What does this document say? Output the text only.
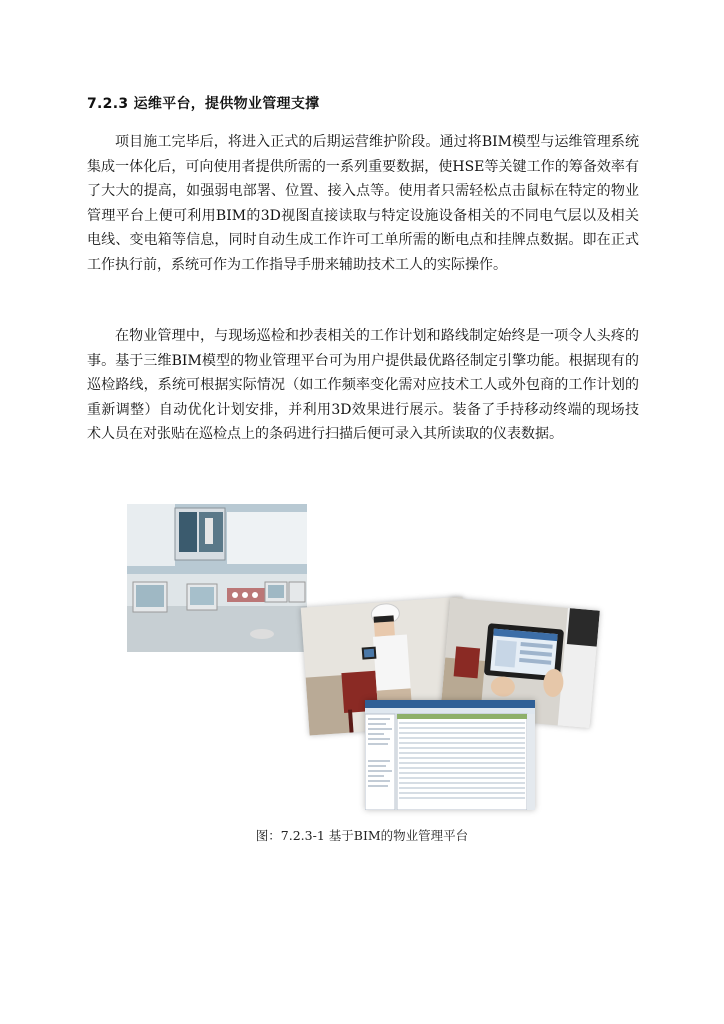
7.2.3 运维平台，提供物业管理支撑

项目施工完毕后，将进入正式的后期运营维护阶段。通过将BIM模型与运维管理系统集成一体化后，可向使用者提供所需的一系列重要数据，使HSE等关键工作的筹备效率有了大大的提高，如强弱电部署、位置、接入点等。使用者只需轻松点击鼠标在特定的物业管理平台上便可利用BIM的3D视图直接读取与特定设施设备相关的不同电气层以及相关电线、变电箱等信息，同时自动生成工作许可工单所需的断电点和挂牌点数据。即在正式工作执行前，系统可作为工作指导手册来辅助技术工人的实际操作。

在物业管理中，与现场巡检和抄表相关的工作计划和路线制定始终是一项令人头疼的事。基于三维BIM模型的物业管理平台可为用户提供最优路径制定引擎功能。根据现有的巡检路线，系统可根据实际情况（如工作频率变化需对应技术工人或外包商的工作计划的重新调整）自动优化计划安排，并利用3D效果进行展示。装备了手持移动终端的现场技术人员在对张贴在巡检点上的条码进行扫描后便可录入其所读取的仪表数据。

图：7.2.3-1 基于BIM的物业管理平台
